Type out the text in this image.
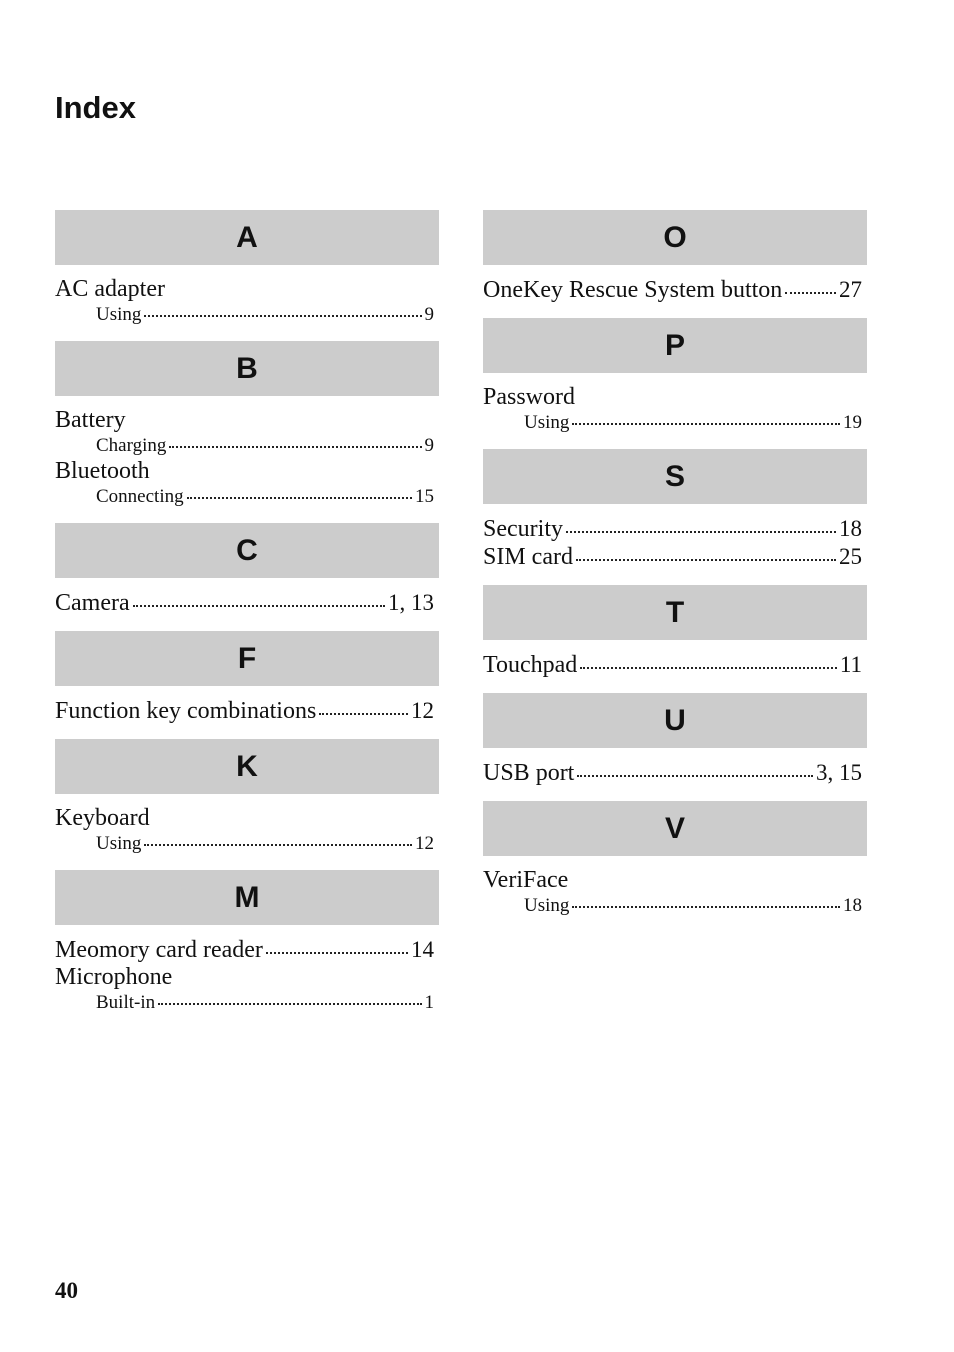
Index
A
AC adapter
Using	9
B
Battery
Charging	9
Bluetooth
Connecting	15
C
Camera	1, 13
F
Function key combinations	12
K
Keyboard
Using	12
M
Meomory card reader	14
Microphone
Built-in	1
O
OneKey Rescue System button 27
P
Password
Using	19
S
Security	18
SIM card	25
T
Touchpad	11
U
USB port	3, 15
V
VeriFace
Using	18
40
